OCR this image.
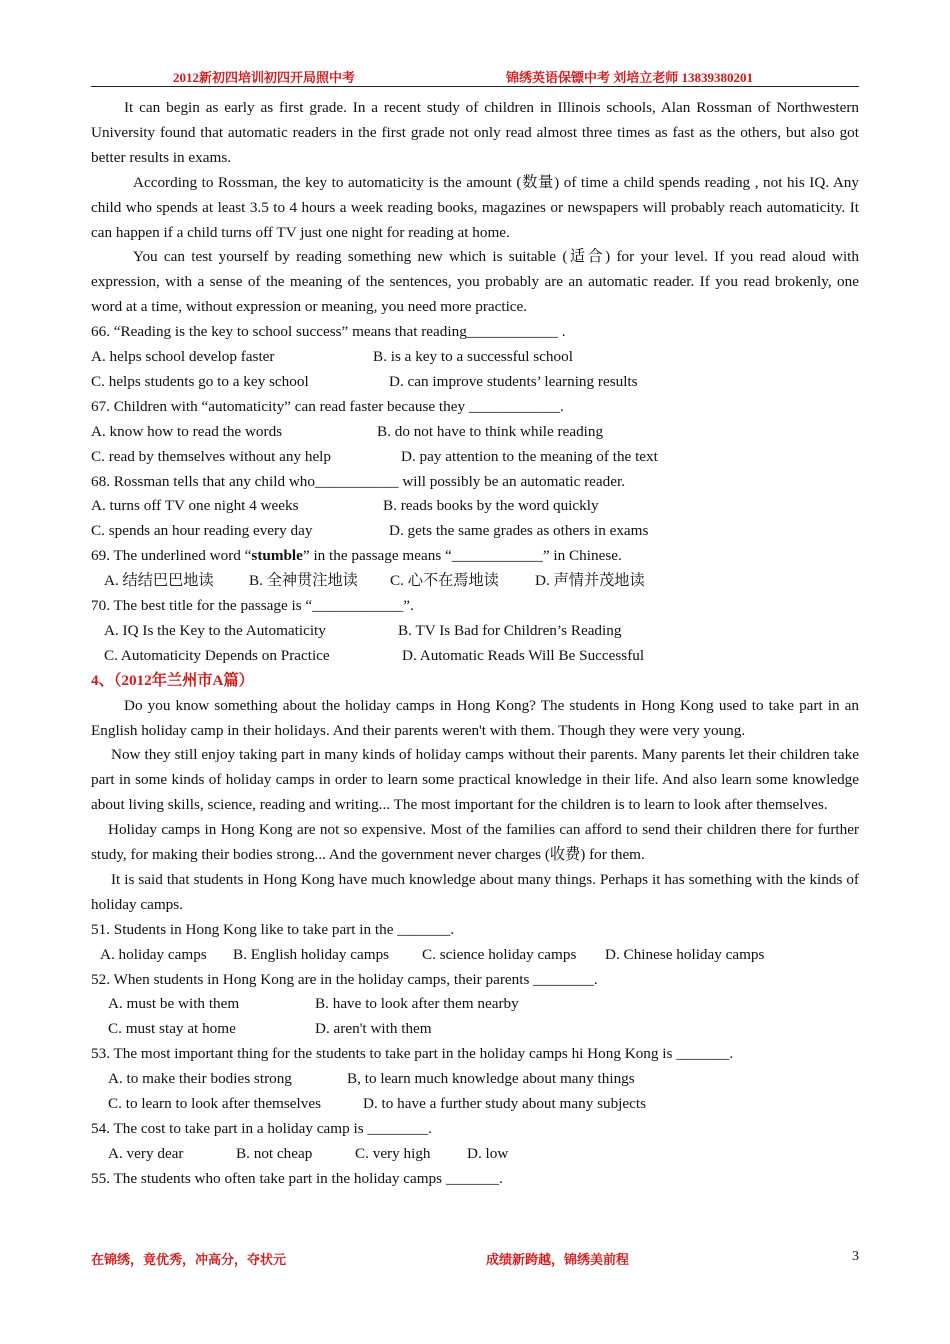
2012新初四培训初四开局照中考	锦绣英语保镖中考 刘培立老师 13839380201

It can begin as early as first grade. In a recent study of children in Illinois schools, Alan Rossman of Northwestern University found that automatic readers in the first grade not only read almost three times as fast as the others, but also got better results in exams.

According to Rossman, the key to automaticity is the amount (数量) of time a child spends reading , not his IQ. Any child who spends at least 3.5 to 4 hours a week reading books, magazines or newspapers will probably reach automaticity. It can happen if a child turns off TV just one night for reading at home.

You can test yourself by reading something new which is suitable (适合) for your level. If you read aloud with expression, with a sense of the meaning of the sentences, you probably are an automatic reader. If you read brokenly, one word at a time, without expression or meaning, you need more practice.

66. “Reading is the key to school success” means that reading____________ .

A. helps school develop faster	B. is a key to a successful school
C. helps students go to a key school	D. can improve students’ learning results

67. Children with “automaticity” can read faster because they ____________.

A. know how to read the words	B. do not have to think while reading
C. read by themselves without any help	D. pay attention to the meaning of the text

68. Rossman tells that any child who___________ will possibly be an automatic reader.

A. turns off TV one night 4 weeks	B. reads books by the word quickly
C. spends an hour reading every day	D. gets the same grades as others in exams

69. The underlined word “stumble” in the passage means “____________” in Chinese.

A. 结结巴巴地读 B. 全神贯注地读 C. 心不在焉地读 D. 声情并茂地读

70. The best title for the passage is “____________”.

A. IQ Is the Key to the Automaticity	B. TV Is Bad for Children’s Reading
C. Automaticity Depends on Practice	D. Automatic Reads Will Be Successful

4、（2012年兰州市A篇）

Do you know something about the holiday camps in Hong Kong? The students in Hong Kong used to take part in an English holiday camp in their holidays. And their parents weren't with them. Though they were very young.

Now they still enjoy taking part in many kinds of holiday camps without their parents. Many parents let their children take part in some kinds of holiday camps in order to learn some practical knowledge in their life. And also learn some knowledge about living skills, science, reading and writing... The most important for the children is to learn to look after themselves.

Holiday camps in Hong Kong are not so expensive. Most of the families can afford to send their children there for further study, for making their bodies strong... And the government never charges (收费) for them.

It is said that students in Hong Kong have much knowledge about many things. Perhaps it has something with the kinds of holiday camps.

51. Students in Hong Kong like to take part in the _______.

A. holiday camps B. English holiday camps C. science holiday camps D. Chinese holiday camps

52. When students in Hong Kong are in the holiday camps, their parents ________.

A. must be with them	B. have to look after them nearby
C. must stay at home	D. aren't with them

53. The most important thing for the students to take part in the holiday camps hi Hong Kong is _______.

A. to make their bodies strong	B, to learn much knowledge about many things
C. to learn to look after themselves	D. to have a further study about many subjects

54. The cost to take part in a holiday camp is ________.

A. very dear	B. not cheap	C. very high D. low

55. The students who often take part in the holiday camps _______.

在锦绣，竟优秀，冲高分，夺状元	成绩新跨越，锦绣美前程	3
